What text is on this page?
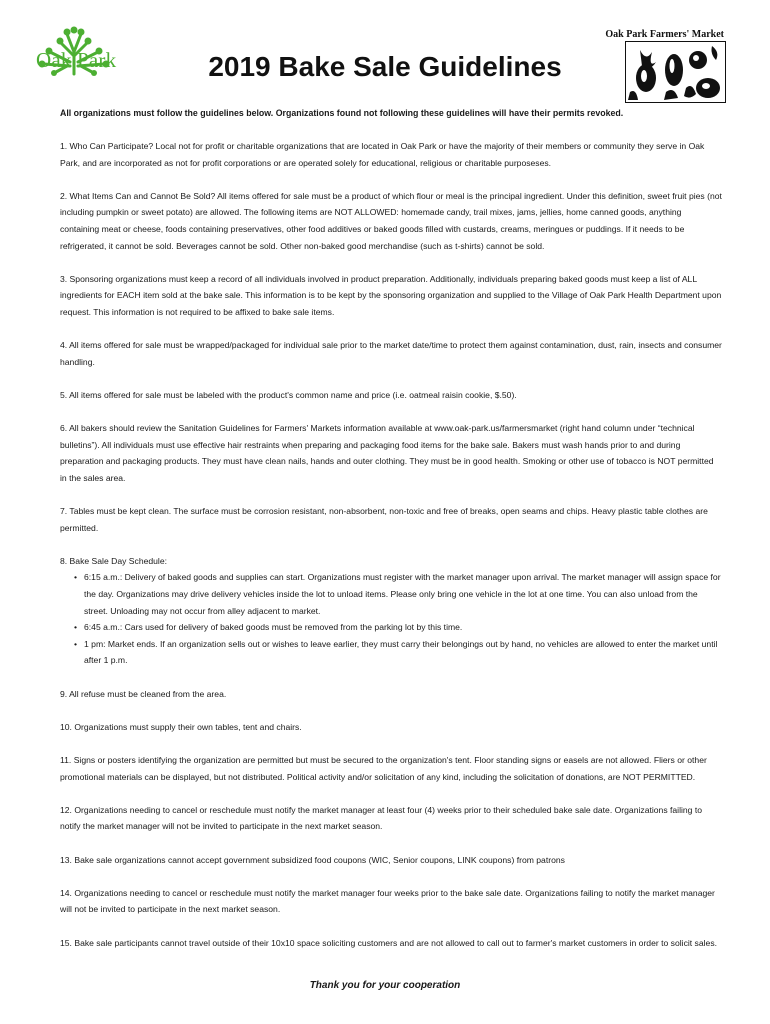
Oak Park	2019 Bake Sale Guidelines
Oak Park Farmers' Market
All organizations must follow the guidelines below. Organizations found not following these guidelines will have their permits revoked.

1. Who Can Participate? Local not for profit or charitable organizations that are located in Oak Park or have the majority of their members or community they serve in Oak Park, and are incorporated as not for profit corporations or are operated solely for educational, religious or charitable purposeses.

2. What Items Can and Cannot Be Sold? All items offered for sale must be a product of which flour or meal is the principal ingredient. Under this definition, sweet fruit pies (not including pumpkin or sweet potato) are allowed. The following items are NOT ALLOWED: homemade candy, trail mixes, jams, jellies, home canned goods, anything containing meat or cheese, foods containing preservatives, other food additives or baked goods filled with custards, creams, meringues or puddings. If it needs to be refrigerated, it cannot be sold. Beverages cannot be sold. Other non-baked good merchandise (such as t-shirts) cannot be sold.

3. Sponsoring organizations must keep a record of all individuals involved in product preparation. Additionally, individuals preparing baked goods must keep a list of ALL ingredients for EACH item sold at the bake sale. This information is to be kept by the sponsoring organization and supplied to the Village of Oak Park Health Department upon request. This information is not required to be affixed to bake sale items.

4. All items offered for sale must be wrapped/packaged for individual sale prior to the market date/time to protect them against contamination, dust, rain, insects and consumer handling.

5. All items offered for sale must be labeled with the product's common name and price (i.e. oatmeal raisin cookie, $.50).

6. All bakers should review the Sanitation Guidelines for Farmers' Markets information available at www.oak-park.us/farmersmarket (right hand column under “technical bulletins”). All individuals must use effective hair restraints when preparing and packaging food items for the bake sale. Bakers must wash hands prior to and during preparation and packaging products. They must have clean nails, hands and outer clothing. They must be in good health. Smoking or other use of tobacco is NOT permitted in the sales area.

7. Tables must be kept clean. The surface must be corrosion resistant, non-absorbent, non-toxic and free of breaks, open seams and chips. Heavy plastic table clothes are permitted.

8. Bake Sale Day Schedule:
• 6:15 a.m.: Delivery of baked goods and supplies can start. Organizations must register with the market manager upon arrival. The market manager will assign space for the day. Organizations may drive delivery vehicles inside the lot to unload items. Please only bring one vehicle in the lot at one time. You can also unload from the street. Unloading may not occur from alley adjacent to market.
• 6:45 a.m.: Cars used for delivery of baked goods must be removed from the parking lot by this time.
• 1 pm: Market ends. If an organization sells out or wishes to leave earlier, they must carry their belongings out by hand, no vehicles are allowed to enter the market until after 1 p.m.

9. All refuse must be cleaned from the area.

10. Organizations must supply their own tables, tent and chairs.

11. Signs or posters identifying the organization are permitted but must be secured to the organization's tent. Floor standing signs or easels are not allowed. Fliers or other promotional materials can be displayed, but not distributed. Political activity and/or solicitation of any kind, including the solicitation of donations, are NOT PERMITTED.

12. Organizations needing to cancel or reschedule must notify the market manager at least four (4) weeks prior to their scheduled bake sale date. Organizations failing to notify the market manager will not be invited to participate in the next market season.

13. Bake sale organizations cannot accept government subsidized food coupons (WIC, Senior coupons, LINK coupons) from patrons

14. Organizations needing to cancel or reschedule must notify the market manager four weeks prior to the bake sale date. Organizations failing to notify the market manager will not be invited to participate in the next market season.

15. Bake sale participants cannot travel outside of their 10x10 space soliciting customers and are not allowed to call out to farmer's market customers in order to solicit sales.

Thank you for your cooperation
